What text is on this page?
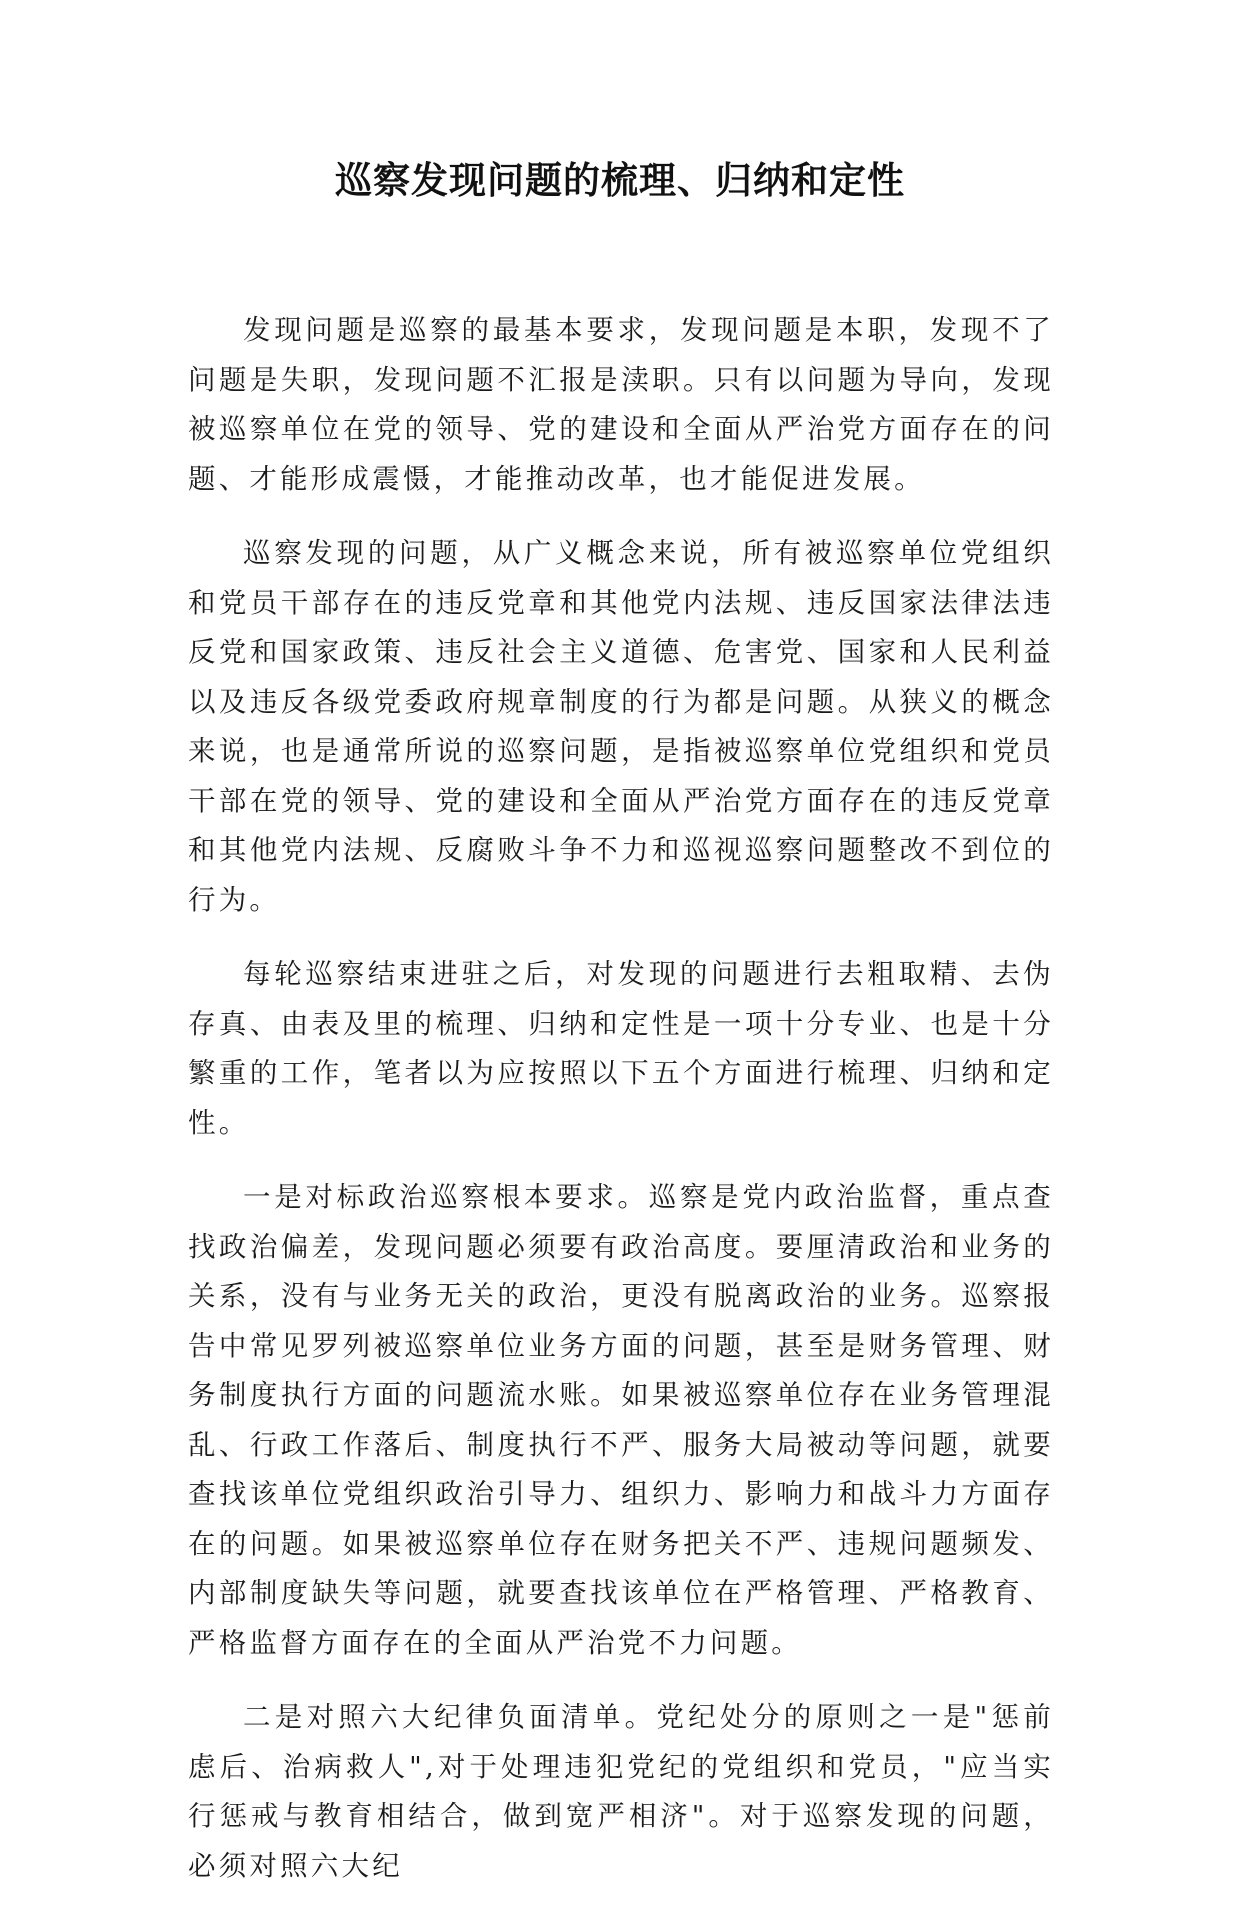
巡察发现问题的梳理、归纳和定性

发现问题是巡察的最基本要求，发现问题是本职，发现不了问题是失职，发现问题不汇报是渎职。只有以问题为导向，发现被巡察单位在党的领导、党的建设和全面从严治党方面存在的问题、才能形成震慑，才能推动改革，也才能促进发展。

巡察发现的问题，从广义概念来说，所有被巡察单位党组织和党员干部存在的违反党章和其他党内法规、违反国家法律法违反党和国家政策、违反社会主义道德、危害党、国家和人民利益以及违反各级党委政府规章制度的行为都是问题。从狭义的概念来说，也是通常所说的巡察问题，是指被巡察单位党组织和党员干部在党的领导、党的建设和全面从严治党方面存在的违反党章和其他党内法规、反腐败斗争不力和巡视巡察问题整改不到位的行为。

每轮巡察结束进驻之后，对发现的问题进行去粗取精、去伪存真、由表及里的梳理、归纳和定性是一项十分专业、也是十分繁重的工作，笔者以为应按照以下五个方面进行梳理、归纳和定性。

一是对标政治巡察根本要求。巡察是党内政治监督，重点查找政治偏差，发现问题必须要有政治高度。要厘清政治和业务的关系，没有与业务无关的政治，更没有脱离政治的业务。巡察报告中常见罗列被巡察单位业务方面的问题，甚至是财务管理、财务制度执行方面的问题流水账。如果被巡察单位存在业务管理混乱、行政工作落后、制度执行不严、服务大局被动等问题，就要查找该单位党组织政治引导力、组织力、影响力和战斗力方面存在的问题。如果被巡察单位存在财务把关不严、违规问题频发、内部制度缺失等问题，就要查找该单位在严格管理、严格教育、严格监督方面存在的全面从严治党不力问题。

二是对照六大纪律负面清单。党纪处分的原则之一是"惩前虑后、治病救人",对于处理违犯党纪的党组织和党员，"应当实行惩戒与教育相结合，做到宽严相济"。对于巡察发现的问题，必须对照六大纪
